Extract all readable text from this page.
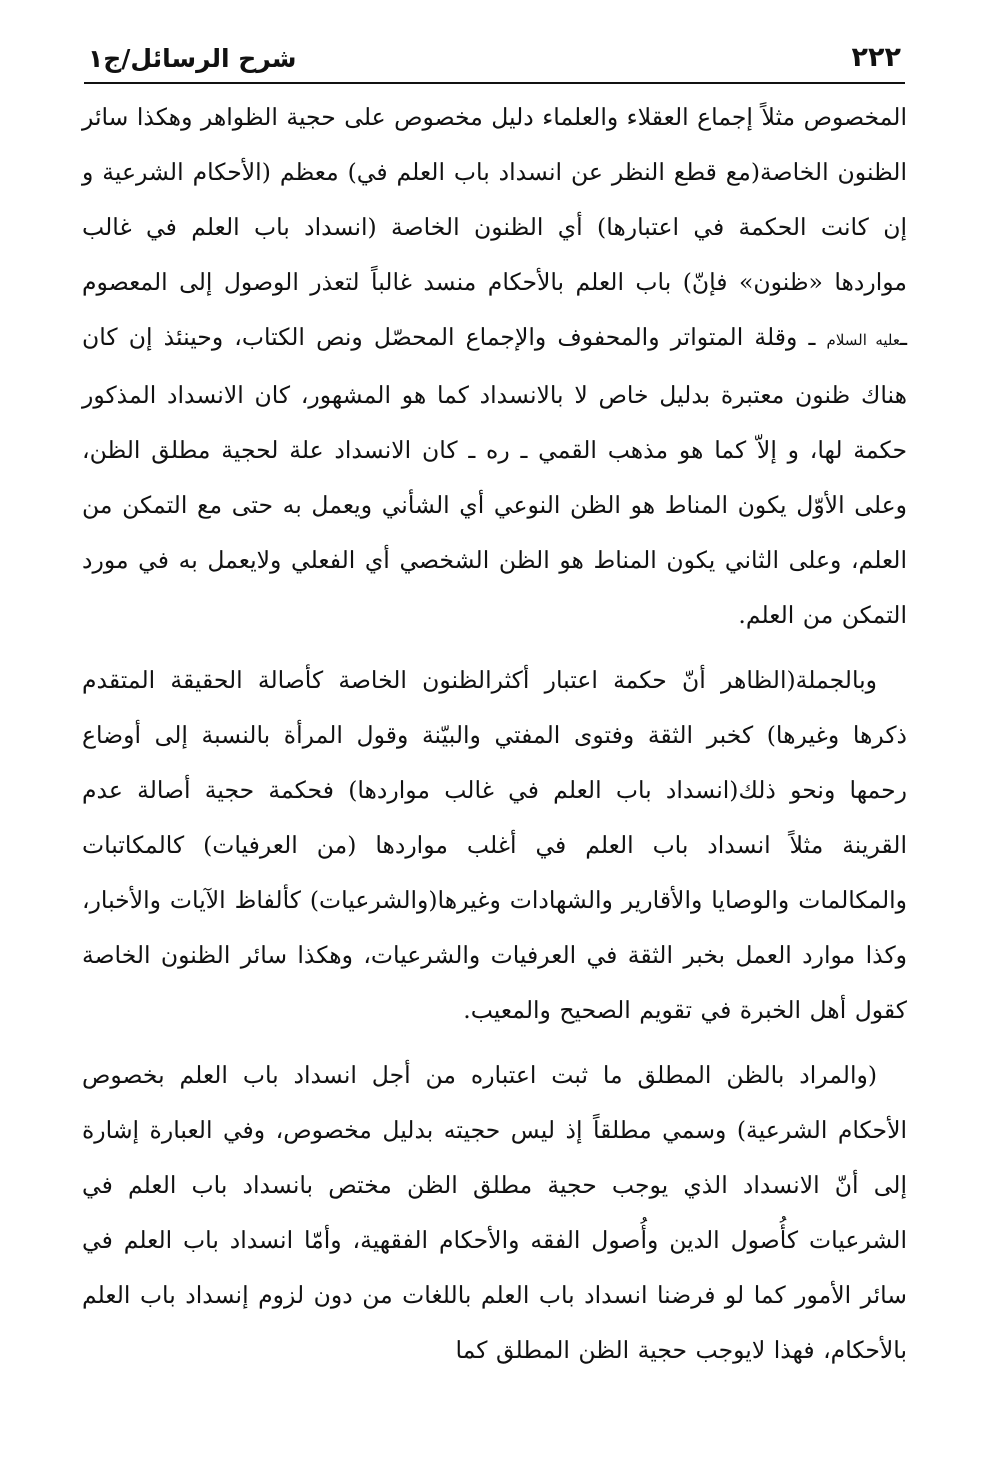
٢٢٢
شرح الرسائل/ج١

المخصوص مثلاً إجماع العقلاء والعلماء دليل مخصوص على حجية الظواهر وهكذا سائر الظنون الخاصة(مع قطع النظر عن انسداد باب العلم في) معظم (الأحكام الشرعية و إن كانت الحكمة في اعتبارها) أي الظنون الخاصة (انسداد باب العلم في غالب مواردها «ظنون» فإنّ) باب العلم بالأحكام منسد غالباً لتعذر الوصول إلى المعصوم ـعليه السلام ـ وقلة المتواتر والمحفوف والإجماع المحصّل ونص الكتاب، وحينئذ إن كان هناك ظنون معتبرة بدليل خاص لا بالانسداد كما هو المشهور، كان الانسداد المذكور حكمة لها، و إلاّ كما هو مذهب القمي ـ ره ـ كان الانسداد علة لحجية مطلق الظن، وعلى الأوّل يكون المناط هو الظن النوعي أي الشأني ويعمل به حتى مع التمكن من العلم، وعلى الثاني يكون المناط هو الظن الشخصي أي الفعلي ولايعمل به في مورد التمكن من العلم.

وبالجملة(الظاهر أنّ حكمة اعتبار أكثرالظنون الخاصة كأصالة الحقيقة المتقدم ذكرها وغيرها) كخبر الثقة وفتوى المفتي والبيّنة وقول المرأة بالنسبة إلى أوضاع رحمها ونحو ذلك(انسداد باب العلم في غالب مواردها) فحكمة حجية أصالة عدم القرينة مثلاً انسداد باب العلم في أغلب مواردها (من العرفيات) كالمكاتبات والمكالمات والوصايا والأقارير والشهادات وغيرها(والشرعيات) كألفاظ الآيات والأخبار، وكذا موارد العمل بخبر الثقة في العرفيات والشرعيات، وهكذا سائر الظنون الخاصة كقول أهل الخبرة في تقويم الصحيح والمعيب.

(والمراد بالظن المطلق ما ثبت اعتباره من أجل انسداد باب العلم بخصوص الأحكام الشرعية) وسمي مطلقاً إذ ليس حجيته بدليل مخصوص، وفي العبارة إشارة إلى أنّ الانسداد الذي يوجب حجية مطلق الظن مختص بانسداد باب العلم في الشرعيات كأُصول الدين وأُصول الفقه والأحكام الفقهية، وأمّا انسداد باب العلم في سائر الأمور كما لو فرضنا انسداد باب العلم باللغات من دون لزوم إنسداد باب العلم بالأحكام، فهذا لايوجب حجية الظن المطلق كما
